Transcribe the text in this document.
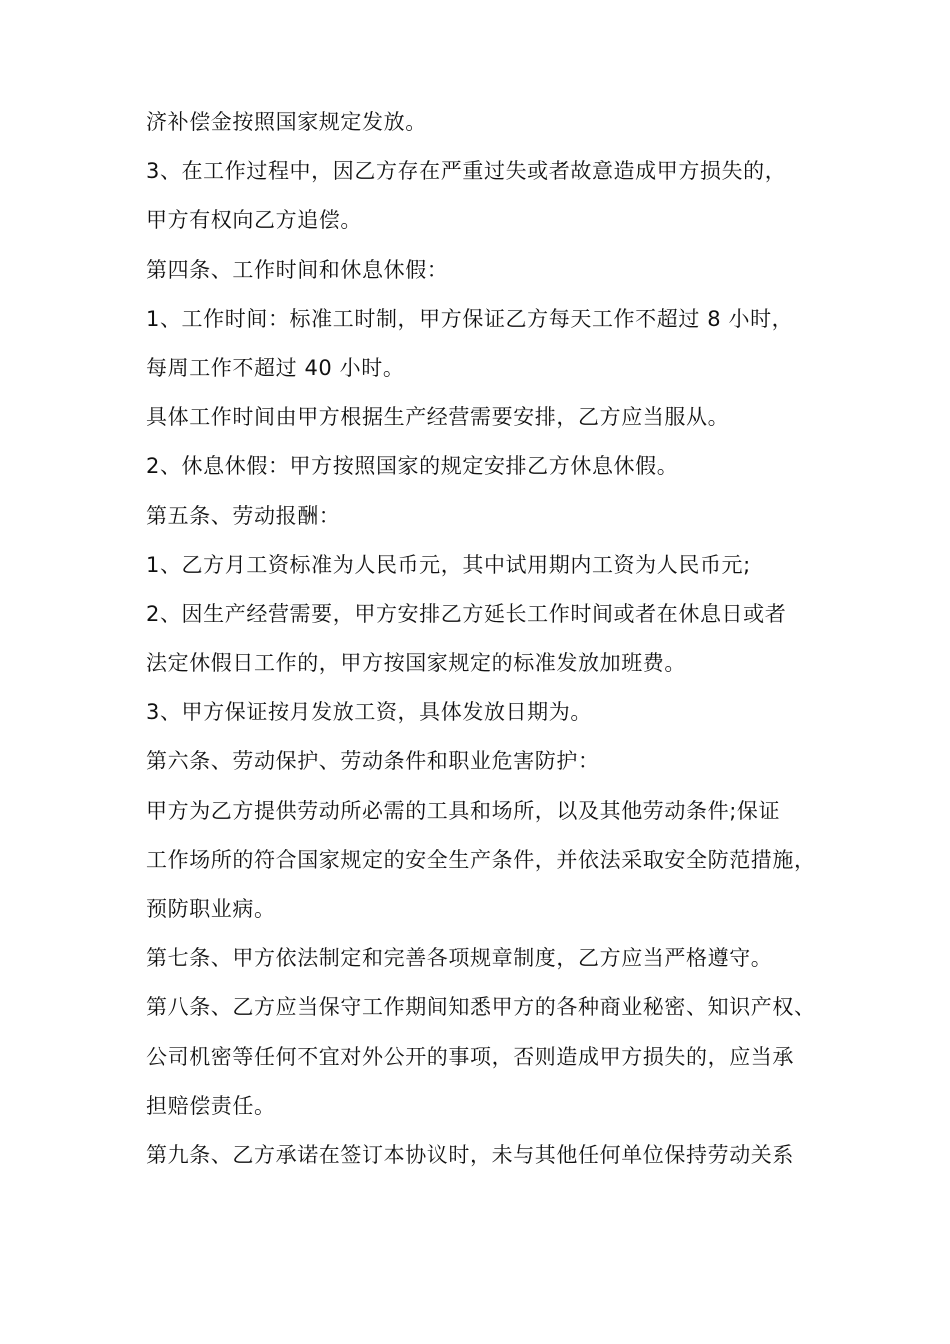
济补偿金按照国家规定发放。
3、在工作过程中，因乙方存在严重过失或者故意造成甲方损失的，
甲方有权向乙方追偿。
第四条、工作时间和休息休假：
1、工作时间：标准工时制，甲方保证乙方每天工作不超过 8 小时，
每周工作不超过 40 小时。
具体工作时间由甲方根据生产经营需要安排，乙方应当服从。
2、休息休假：甲方按照国家的规定安排乙方休息休假。
第五条、劳动报酬：
1、乙方月工资标准为人民币元，其中试用期内工资为人民币元;
2、因生产经营需要，甲方安排乙方延长工作时间或者在休息日或者
法定休假日工作的，甲方按国家规定的标准发放加班费。
3、甲方保证按月发放工资，具体发放日期为。
第六条、劳动保护、劳动条件和职业危害防护：
甲方为乙方提供劳动所必需的工具和场所，以及其他劳动条件;保证
工作场所的符合国家规定的安全生产条件，并依法采取安全防范措施，
预防职业病。
第七条、甲方依法制定和完善各项规章制度，乙方应当严格遵守。
第八条、乙方应当保守工作期间知悉甲方的各种商业秘密、知识产权、
公司机密等任何不宜对外公开的事项，否则造成甲方损失的，应当承
担赔偿责任。
第九条、乙方承诺在签订本协议时，未与其他任何单位保持劳动关系
